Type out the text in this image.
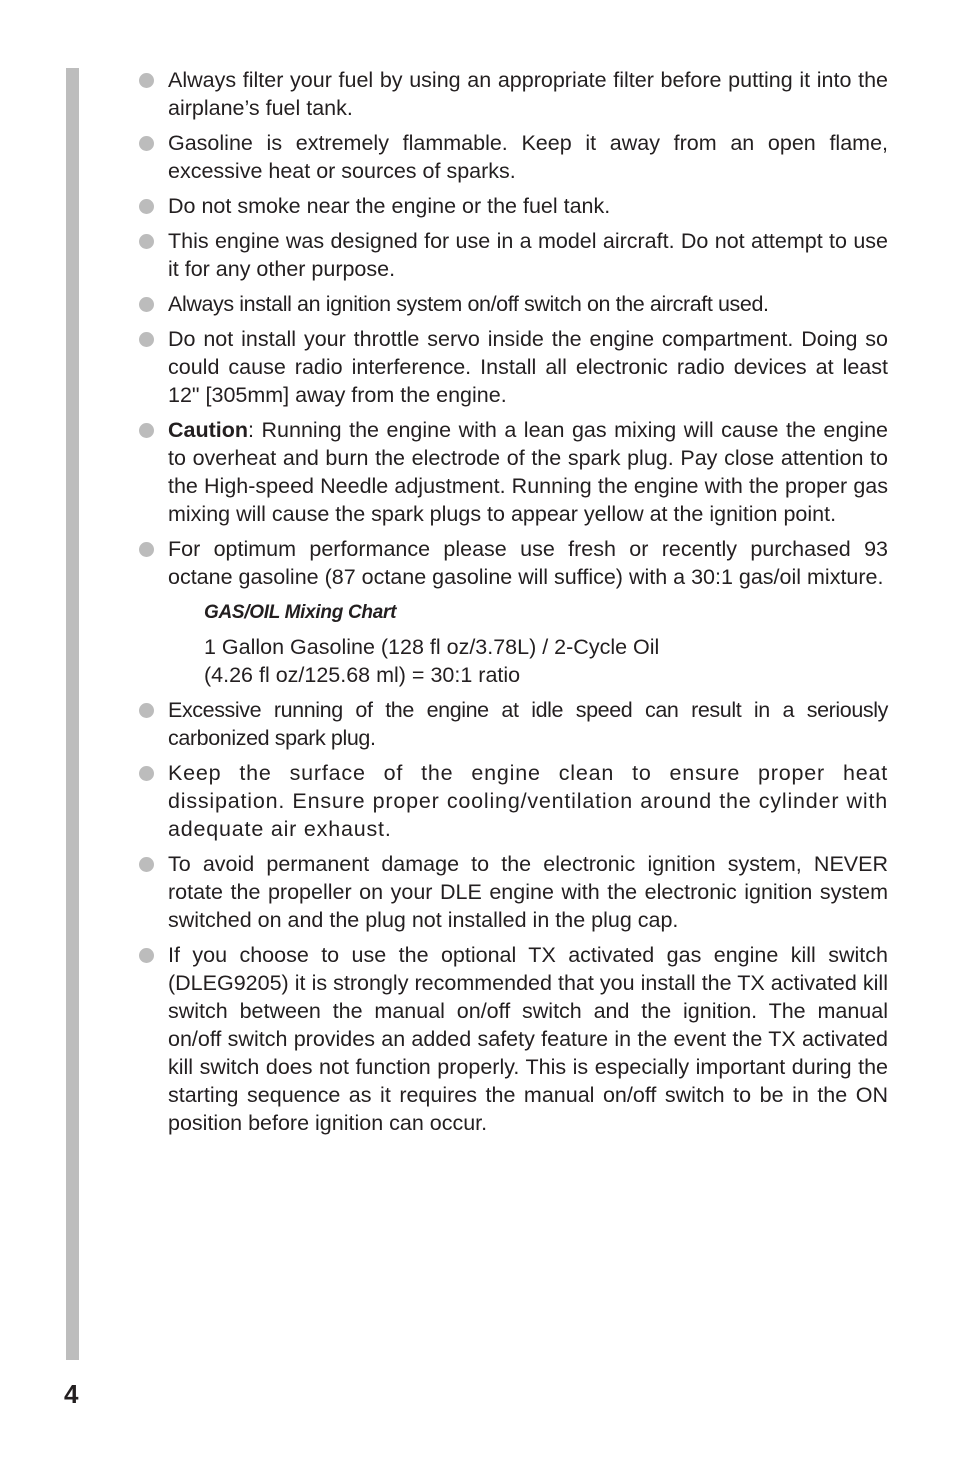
Always filter your fuel by using an appropriate filter before putting it into the airplane’s fuel tank.
Gasoline is extremely flammable. Keep it away from an open flame, excessive heat or sources of sparks.
Do not smoke near the engine or the fuel tank.
This engine was designed for use in a model aircraft. Do not attempt to use it for any other purpose.
Always install an ignition system on/off switch on the aircraft used.
Do not install your throttle servo inside the engine compartment. Doing so could cause radio interference. Install all electronic radio devices at least 12" [305mm] away from the engine.
Caution: Running the engine with a lean gas mixing will cause the engine to overheat and burn the electrode of the spark plug. Pay close attention to the High-speed Needle adjustment. Running the engine with the proper gas mixing will cause the spark plugs to appear yellow at the ignition point.
For optimum performance please use fresh or recently purchased 93 octane gasoline (87 octane gasoline will suffice) with a 30:1 gas/oil mixture.
GAS/OIL Mixing Chart
1 Gallon Gasoline (128 fl oz/3.78L) / 2-Cycle Oil
(4.26 fl oz/125.68 ml) = 30:1 ratio
Excessive running of the engine at idle speed can result in a seriously carbonized spark plug.
Keep the surface of the engine clean to ensure proper heat dissipation. Ensure proper cooling/ventilation around the cylinder with adequate air exhaust.
To avoid permanent damage to the electronic ignition system, NEVER rotate the propeller on your DLE engine with the electronic ignition system switched on and the plug not installed in the plug cap.
If you choose to use the optional TX activated gas engine kill switch (DLEG9205) it is strongly recommended that you install the TX activated kill switch between the manual on/off switch and the ignition. The manual on/off switch provides an added safety feature in the event the TX activated kill switch does not function properly. This is especially important during the starting sequence as it requires the manual on/off switch to be in the ON position before ignition can occur.
4
